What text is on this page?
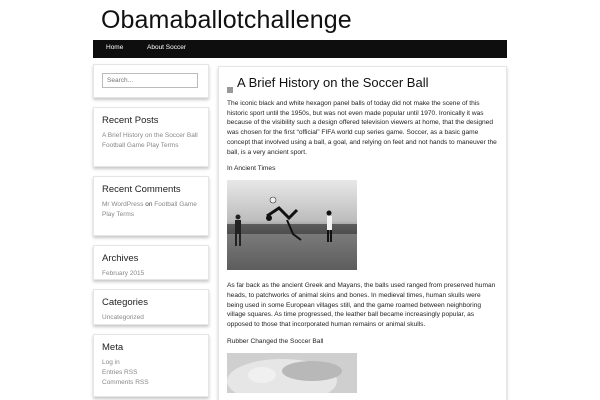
Obamaballotchallenge
Home	About Soccer
Search...
Recent Posts
A Brief History on the Soccer Ball
Football Game Play Terms
Recent Comments
Mr WordPress on Football Game Play Terms
Archives
February 2015
Categories
Uncategorized
Meta
Log in
Entries RSS
Comments RSS
A Brief History on the Soccer Ball

The iconic black and white hexagon panel balls of today did not make the scene of this historic sport until the 1950s, but was not even made popular until 1970. Ironically it was because of the visibility such a design offered television viewers at home, that the designed was chosen for the first “official” FIFA world cup series game. Soccer, as a basic game concept that involved using a ball, a goal, and relying on feet and not hands to maneuver the ball, is a very ancient sport.

In Ancient Times

As far back as the ancient Greek and Mayans, the balls used ranged from preserved human heads, to patchworks of animal skins and bones. In medieval times, human skulls were being used in some European villages still, and the game roamed between neighboring village squares. As time progressed, the leather ball became increasingly popular, as opposed to those that incorporated human remains or animal skulls.

Rubber Changed the Soccer Ball
